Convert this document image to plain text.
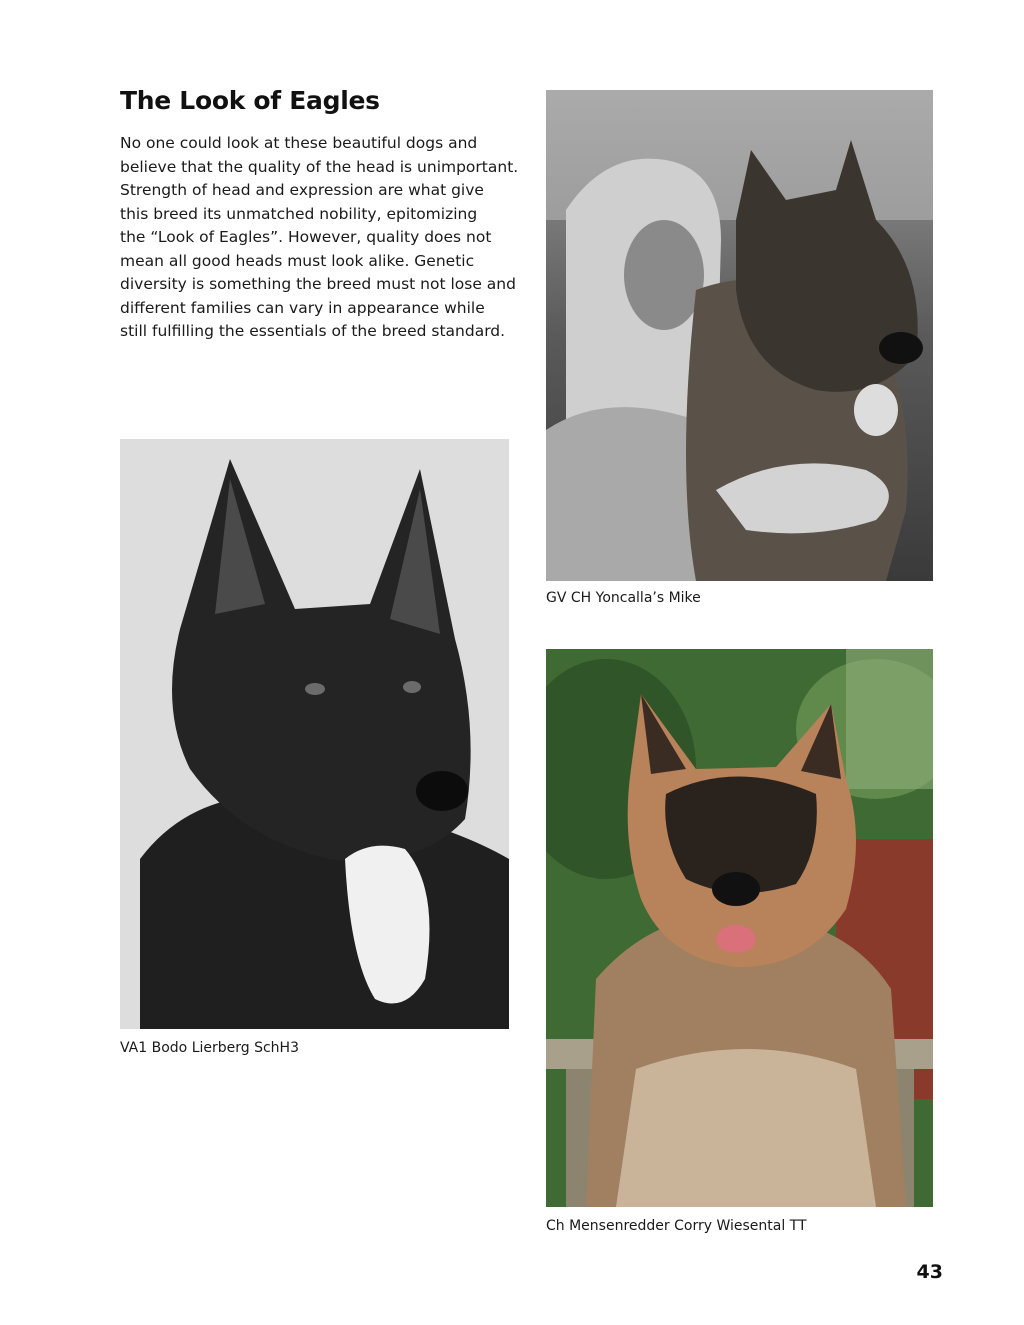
The Look of Eagles
No one could look at these beautiful dogs and
believe that the quality of the head is unimportant.
Strength of head and expression are what give
this breed its unmatched nobility, epitomizing
the “Look of Eagles”. However, quality does not
mean all good heads must look alike. Genetic
diversity is something the breed must not lose and
different families can vary in appearance while
still fulfilling the essentials of the breed standard.
GV CH Yoncalla’s Mike
VA1 Bodo Lierberg SchH3
Ch Mensenredder Corry Wiesental TT
43
